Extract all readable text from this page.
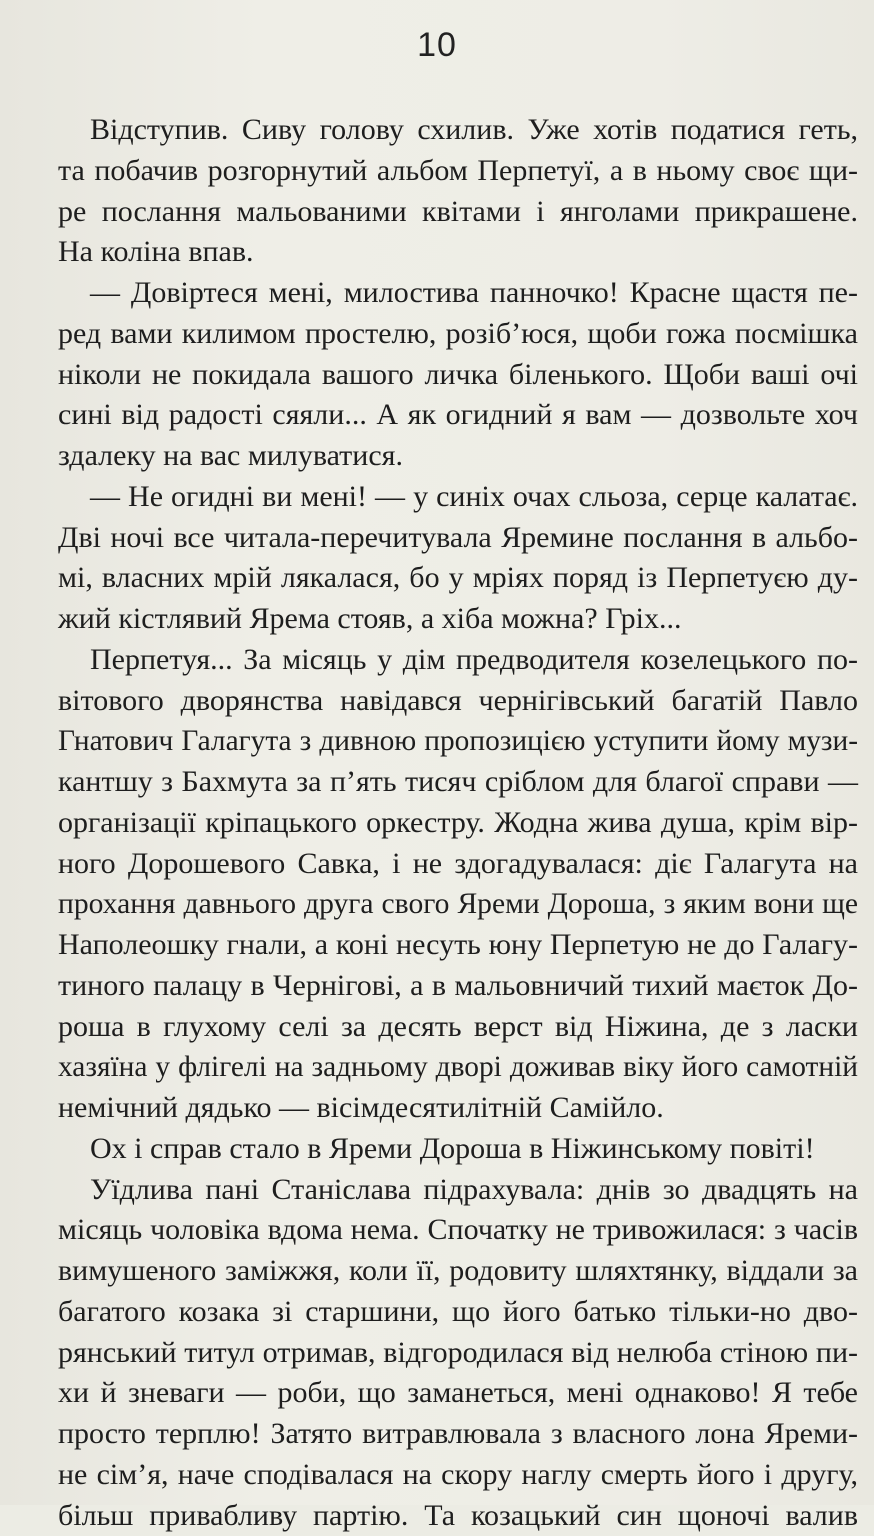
10
Відступив. Сиву голову схилив. Уже хотів податися геть,
та побачив розгорнутий альбом Перпетуї, а в ньому своє щи-
ре послання мальованими квітами і янголами прикрашене.
На коліна впав.
— Довіртеся мені, милостива панночко! Красне щастя пе-
ред вами килимом простелю, розіб’юся, щоби гожа посмішка
ніколи не покидала вашого личка біленького. Щоби ваші очі
сині від радості сяяли... А як огидний я вам — дозвольте хоч
здалеку на вас милуватися.
— Не огидні ви мені! — у синіх очах сльоза, серце калатає.
Дві ночі все читала-перечитувала Яремине послання в альбо-
мі, власних мрій лякалася, бо у мріях поряд із Перпетуєю ду-
жий кістлявий Ярема стояв, а хіба можна? Гріх...
Перпетуя... За місяць у дім предводителя козелецького по-
вітового дворянства навідався чернігівський багатій Павло
Гнатович Галагута з дивною пропозицією уступити йому музи-
кантшу з Бахмута за п’ять тисяч сріблом для благої справи —
організації кріпацького оркестру. Жодна жива душа, крім вір-
ного Дорошевого Савка, і не здогадувалася: діє Галагута на
прохання давнього друга свого Яреми Дороша, з яким вони ще
Наполеошку гнали, а коні несуть юну Перпетую не до Галагу-
тиного палацу в Чернігові, а в мальовничий тихий маєток До-
роша в глухому селі за десять верст від Ніжина, де з ласки
хазяїна у флігелі на задньому дворі доживав віку його самотній
немічний дядько — вісімдесятилітній Самійло.
Ох і справ стало в Яреми Дороша в Ніжинському повіті!
Уїдлива пані Станіслава підрахувала: днів зо двадцять на
місяць чоловіка вдома нема. Спочатку не тривожилася: з часів
вимушеного заміжжя, коли її, родовиту шляхтянку, віддали за
багатого козака зі старшини, що його батько тільки-но дво-
рянський титул отримав, відгородилася від нелюба стіною пи-
хи й зневаги — роби, що заманеться, мені однаково! Я тебе
просто терплю! Затято витравлювала з власного лона Яреми-
не сім’я, наче сподівалася на скору наглу смерть його і другу,
більш привабливу партію. Та козацький син щоночі валив
